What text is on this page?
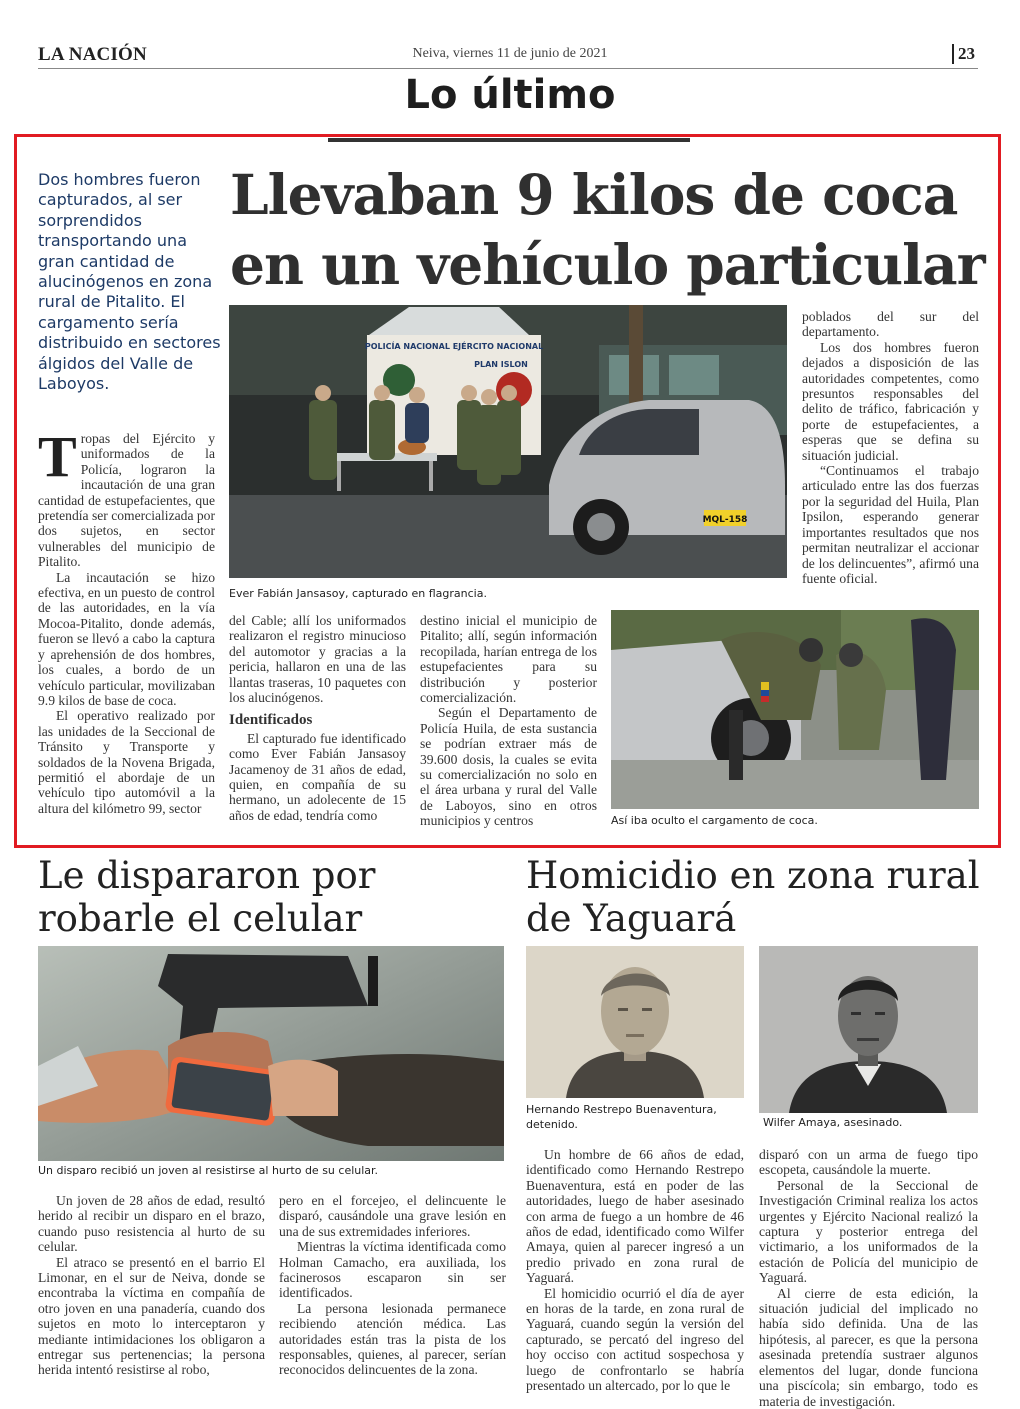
LA NACIÓN	Neiva, viernes 11 de junio de 2021	23
Lo último
Dos hombres fueron capturados, al ser sorprendidos transportando una gran cantidad de alucinógenos en zona rural de Pitalito. El cargamento sería distribuido en sectores álgidos del Valle de Laboyos.
Llevaban 9 kilos de coca en un vehículo particular
POLICÍA NACIONAL EJÉRCITO NACIONAL
PLAN ISLON
MQL-158
Ever Fabián Jansasoy, capturado en flagrancia.

Tropas del Ejército y uniformados de la Policía, lograron la incautación de una gran cantidad de estupefacientes, que pretendía ser comercializada por dos sujetos, en sector vulnerables del municipio de Pitalito.

La incautación se hizo efectiva, en un puesto de control de las autoridades, en la vía Mocoa-Pitalito, donde además, fueron se llevó a cabo la captura y aprehensión de dos hombres, los cuales, a bordo de un vehículo particular, movilizaban 9.9 kilos de base de coca.

El operativo realizado por las unidades de la Seccional de Tránsito y Transporte y soldados de la Novena Brigada, permitió el abordaje de un vehículo tipo automóvil a la altura del kilómetro 99, sector

del Cable; allí los uniformados realizaron el registro minucioso del automotor y gracias a la pericia, hallaron en una de las llantas traseras, 10 paquetes con los alucinógenos.

Identificados

El capturado fue identificado como Ever Fabián Jansasoy Jacamenoy de 31 años de edad, quien, en compañía de su hermano, un adolecente de 15 años de edad, tendría como

destino inicial el municipio de Pitalito; allí, según información recopilada, harían entrega de los estupefacientes para su distribución y posterior comercialización.

Según el Departamento de Policía Huila, de esta sustancia se podrían extraer más de 39.600 dosis, la cuales se evita su comercialización no solo en el área urbana y rural del Valle de Laboyos, sino en otros municipios y centros

poblados del sur del departamento.

Los dos hombres fueron dejados a disposición de las autoridades competentes, como presuntos responsables del delito de tráfico, fabricación y porte de estupefacientes, a esperas que se defina su situación judicial.

“Continuamos el trabajo articulado entre las dos fuerzas por la seguridad del Huila, Plan Ipsilon, esperando generar importantes resultados que nos permitan neutralizar el accionar de los delincuentes”, afirmó una fuente oficial.

Así iba oculto el cargamento de coca.
Le dispararon por robarle el celular
Un disparo recibió un joven al resistirse al hurto de su celular.

Un joven de 28 años de edad, resultó herido al recibir un disparo en el brazo, cuando puso resistencia al hurto de su celular.

El atraco se presentó en el barrio El Limonar, en el sur de Neiva, donde se encontraba la víctima en compañía de otro joven en una panadería, cuando dos sujetos en moto lo interceptaron y mediante intimidaciones los obligaron a entregar sus pertenencias; la persona herida intentó resistirse al robo,

pero en el forcejeo, el delincuente le disparó, causándole una grave lesión en una de sus extremidades inferiores.

Mientras la víctima identificada como Holman Camacho, era auxiliada, los facinerosos escaparon sin ser identificados.

La persona lesionada permanece recibiendo atención médica. Las autoridades están tras la pista de los responsables, quienes, al parecer, serían reconocidos delincuentes de la zona.

Homicidio en zona rural de Yaguará
Hernando Restrepo Buenaventura, detenido.	Wilfer Amaya, asesinado.

Un hombre de 66 años de edad, identificado como Hernando Restrepo Buenaventura, está en poder de las autoridades, luego de haber asesinado con arma de fuego a un hombre de 46 años de edad, identificado como Wilfer Amaya, quien al parecer ingresó a un predio privado en zona rural de Yaguará.

El homicidio ocurrió el día de ayer en horas de la tarde, en zona rural de Yaguará, cuando según la versión del capturado, se percató del ingreso del hoy occiso con actitud sospechosa y luego de confrontarlo se habría presentado un altercado, por lo que le

disparó con un arma de fuego tipo escopeta, causándole la muerte.

Personal de la Seccional de Investigación Criminal realiza los actos urgentes y Ejército Nacional realizó la captura y posterior entrega del victimario, a los uniformados de la estación de Policía del municipio de Yaguará.

Al cierre de esta edición, la situación judicial del implicado no había sido definida. Una de las hipótesis, al parecer, es que la persona asesinada pretendía sustraer algunos elementos del lugar, donde funciona una piscícola; sin embargo, todo es materia de investigación.
